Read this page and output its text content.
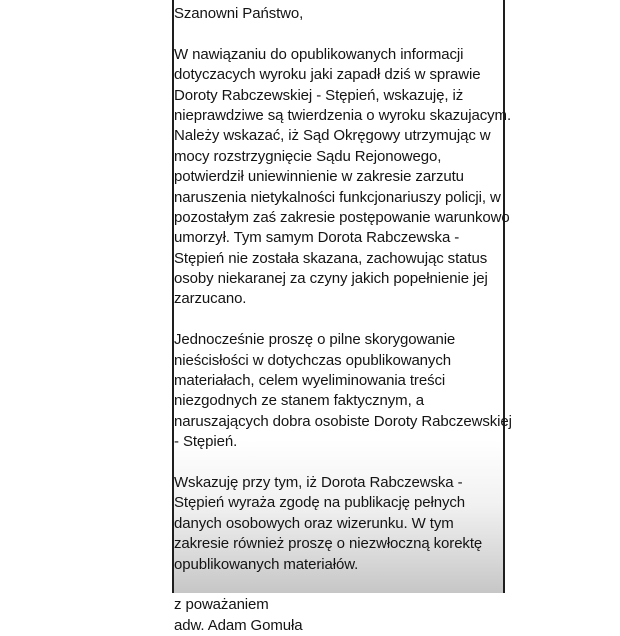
Szanowni Państwo,
W nawiązaniu do opublikowanych informacji
dotyczacych wyroku jaki zapadł dziś w sprawie
Doroty Rabczewskiej - Stępień, wskazuję, iż
nieprawdziwe są twierdzenia o wyroku skazujacym.
Należy wskazać, iż Sąd Okręgowy utrzymując w
mocy rozstrzygnięcie Sądu Rejonowego,
potwierdził uniewinnienie w zakresie zarzutu
naruszenia nietykalności funkcjonariuszy policji, w
pozostałym zaś zakresie postępowanie warunkowo
umorzył. Tym samym Dorota Rabczewska -
Stępień nie została skazana, zachowując status
osoby niekaranej za czyny jakich popełnienie jej
zarzucano.
Jednocześnie proszę o pilne skorygowanie
nieścisłości w dotychczas opublikowanych
materiałach, celem wyeliminowania treści
niezgodnych ze stanem faktycznym, a
naruszających dobra osobiste Doroty Rabczewskiej
- Stępień.
Wskazuję przy tym, iż Dorota Rabczewska -
Stępień wyraża zgodę na publikację pełnych
danych osobowych oraz wizerunku. W tym
zakresie również proszę o niezwłoczną korektę
opublikowanych materiałów.
z poważaniem
adw. Adam Gomuła
